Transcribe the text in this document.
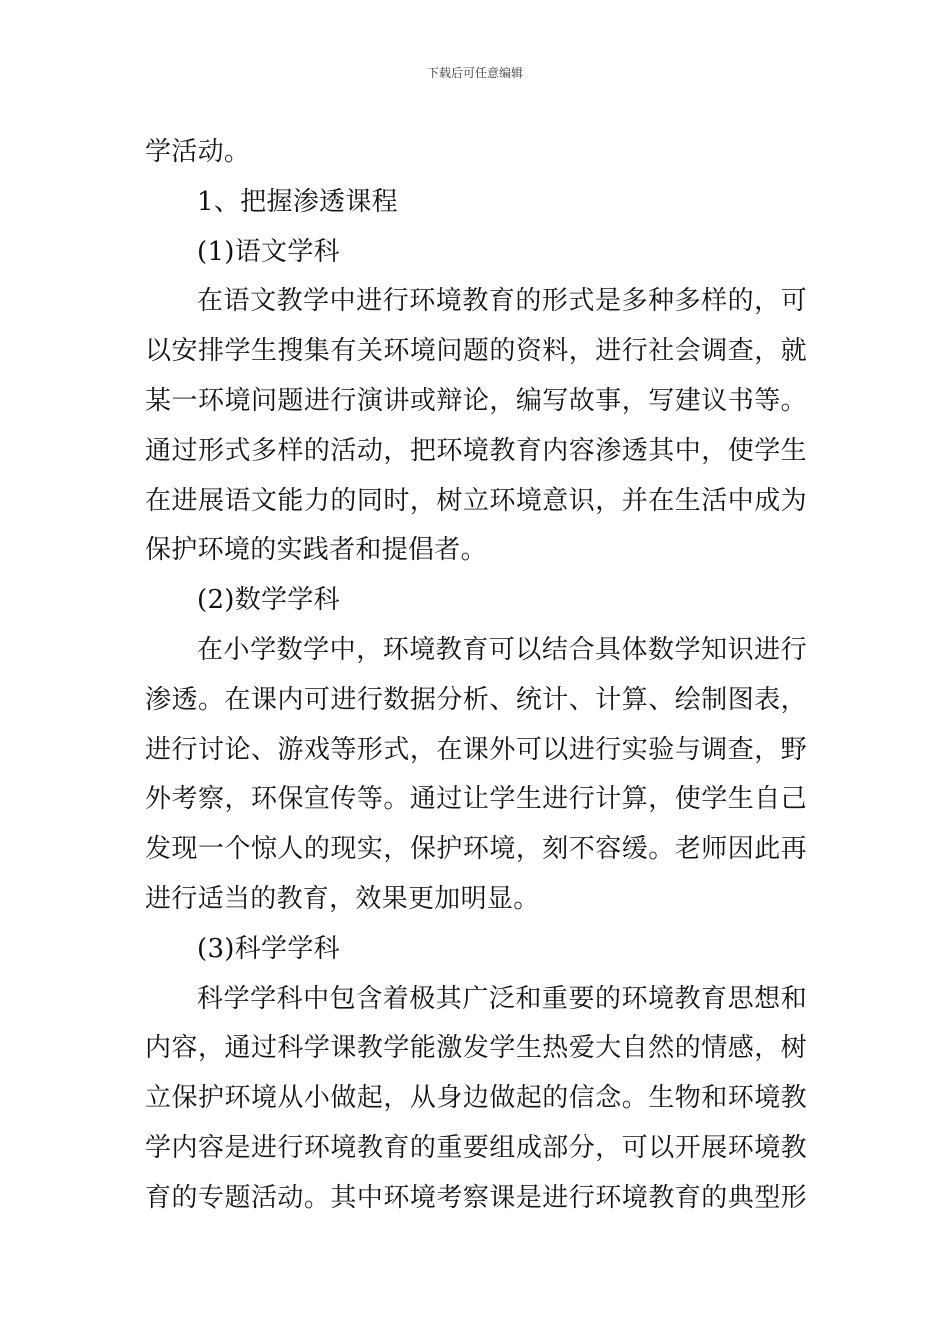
下载后可任意编辑
学活动。
1、把握渗透课程
(1)语文学科
在语文教学中进行环境教育的形式是多种多样的，可
以安排学生搜集有关环境问题的资料，进行社会调查，就
某一环境问题进行演讲或辩论，编写故事，写建议书等。
通过形式多样的活动，把环境教育内容渗透其中，使学生
在进展语文能力的同时，树立环境意识，并在生活中成为
保护环境的实践者和提倡者。
(2)数学学科
在小学数学中，环境教育可以结合具体数学知识进行
渗透。在课内可进行数据分析、统计、计算、绘制图表，
进行讨论、游戏等形式，在课外可以进行实验与调查，野
外考察，环保宣传等。通过让学生进行计算，使学生自己
发现一个惊人的现实，保护环境，刻不容缓。老师因此再
进行适当的教育，效果更加明显。
(3)科学学科
科学学科中包含着极其广泛和重要的环境教育思想和
内容，通过科学课教学能激发学生热爱大自然的情感，树
立保护环境从小做起，从身边做起的信念。生物和环境教
学内容是进行环境教育的重要组成部分，可以开展环境教
育的专题活动。其中环境考察课是进行环境教育的典型形
